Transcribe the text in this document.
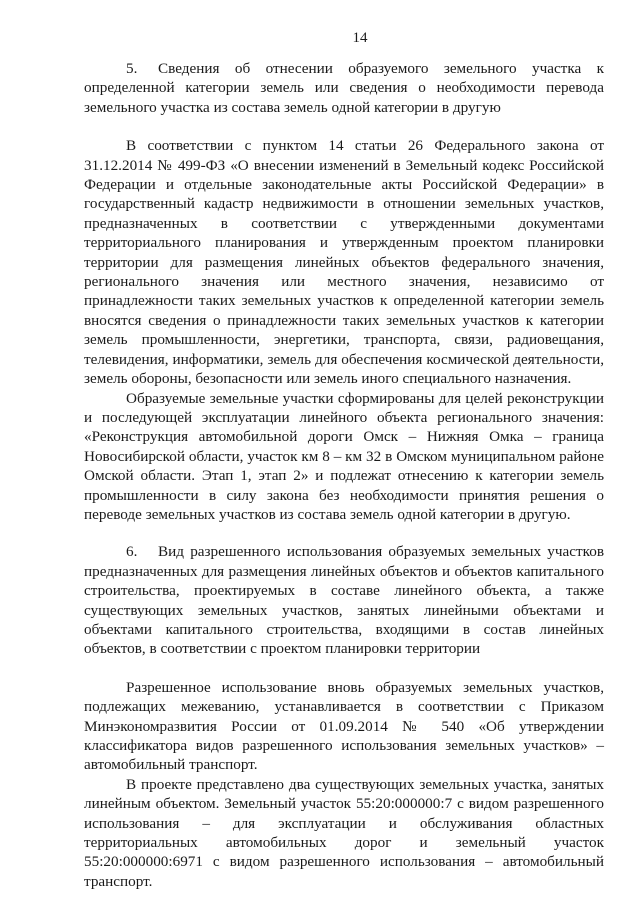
14

5. Сведения об отнесении образуемого земельного участка к определенной категории земель или сведения о необходимости перевода земельного участка из состава земель одной категории в другую

В соответствии с пунктом 14 статьи 26 Федерального закона от 31.12.2014 № 499-ФЗ «О внесении изменений в Земельный кодекс Российской Федерации и отдельные законодательные акты Российской Федерации» в государственный кадастр недвижимости в отношении земельных участков, предназначенных в соответствии с утвержденными документами территориального планирования и утвержденным проектом планировки территории для размещения линейных объектов федерального значения, регионального значения или местного значения, независимо от принадлежности таких земельных участков к определенной категории земель вносятся сведения о принадлежности таких земельных участков к категории земель промышленности, энергетики, транспорта, связи, радиовещания, телевидения, информатики, земель для обеспечения космической деятельности, земель обороны, безопасности или земель иного специального назначения.

Образуемые земельные участки сформированы для целей реконструкции и последующей эксплуатации линейного объекта регионального значения: «Реконструкция автомобильной дороги Омск – Нижняя Омка – граница Новосибирской области, участок км 8 – км 32 в Омском муниципальном районе Омской области. Этап 1, этап 2» и подлежат отнесению к категории земель промышленности в силу закона без необходимости принятия решения о переводе земельных участков из состава земель одной категории в другую.

6. Вид разрешенного использования образуемых земельных участков предназначенных для размещения линейных объектов и объектов капитального строительства, проектируемых в составе линейного объекта, а также существующих земельных участков, занятых линейными объектами и объектами капитального строительства, входящими в состав линейных объектов, в соответствии с проектом планировки территории

Разрешенное использование вновь образуемых земельных участков, подлежащих межеванию, устанавливается в соответствии с Приказом Минэкономразвития России от 01.09.2014 № 540 «Об утверждении классификатора видов разрешенного использования земельных участков» – автомобильный транспорт.

В проекте представлено два существующих земельных участка, занятых линейным объектом. Земельный участок 55:20:000000:7 с видом разрешенного использования – для эксплуатации и обслуживания областных территориальных автомобильных дорог и земельный участок 55:20:000000:6971 с видом разрешенного использования – автомобильный транспорт.
